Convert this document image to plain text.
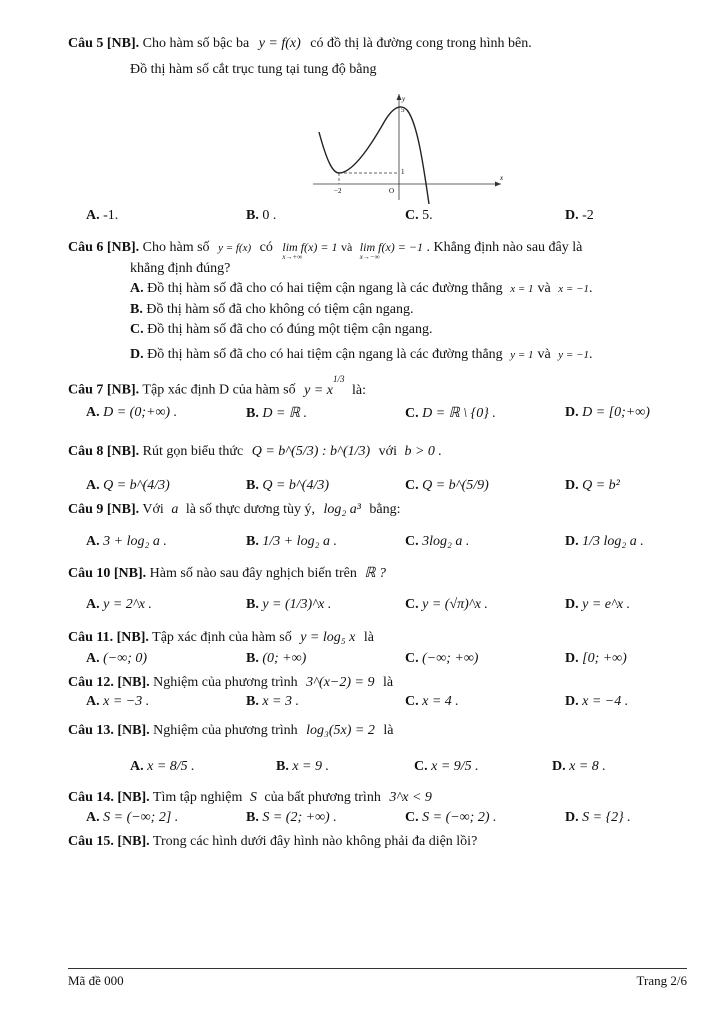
Câu 5 [NB]. Cho hàm số bậc ba y = f(x) có đồ thị là đường cong trong hình bên.
Đồ thị hàm số cắt trục tung tại tung độ bằng
y
x
5
1
−2	O
A. -1.	B. 0 .	C. 5.	D. -2
Câu 6 [NB]. Cho hàm số y = f(x) có lim f(x) = 1
x→+∞
và lim f(x) = −1
x→−∞
. Khẳng định nào sau đây là
khẳng định đúng?
A. Đồ thị hàm số đã cho có hai tiệm cận ngang là các đường thẳng x = 1 và x = −1.
B. Đồ thị hàm số đã cho không có tiệm cận ngang.
C. Đồ thị hàm số đã cho có đúng một tiệm cận ngang.
D. Đồ thị hàm số đã cho có hai tiệm cận ngang là các đường thẳng y = 1 và y = −1.
Câu 7 [NB]. Tập xác định D của hàm số $y = x^{1/3}$ là:
A. D = (0;+∞) .	B. D = ℝ .	C. D = ℝ \ {0} .	D. D = [0;+∞)
Câu 8 [NB]. Rút gọn biểu thức Q = b^(5/3) : b^(1/3) với b > 0 .
A. Q = b^(4/3)	B. Q = b^(4/3)	C. Q = b^(5/9)	D. Q = b²
Câu 9 [NB]. Với a là số thực dương tùy ý, log₂ a³ bằng:
A. 3 + log₂ a .	B. 1/3 + log₂ a .	C. 3log₂ a .	D. 1/3 log₂ a .
Câu 10 [NB]. Hàm số nào sau đây nghịch biến trên ℝ ?
A. y = 2^x .	B. y = (1/3)^x .	C. y = (√π)^x .	D. y = e^x .
Câu 11. [NB]. Tập xác định của hàm số y = log₅ x là
A. (−∞; 0)	B. (0; +∞)	C. (−∞; +∞)	D. [0; +∞)
Câu 12. [NB]. Nghiệm của phương trình 3^(x−2) = 9 là
A. x = −3 .	B. x = 3 .	C. x = 4 .	D. x = −4 .
Câu 13. [NB]. Nghiệm của phương trình log₃(5x) = 2 là
A. x = 8/5 .	B. x = 9 .	C. x = 9/5 .	D. x = 8 .
Câu 14. [NB]. Tìm tập nghiệm S của bất phương trình 3^x < 9
A. S = (−∞; 2] .	B. S = (2; +∞) .	C. S = (−∞; 2) .	D. S = {2} .
Câu 15. [NB]. Trong các hình dưới đây hình nào không phải đa diện lồi?
Mã đề 000	Trang 2/6
